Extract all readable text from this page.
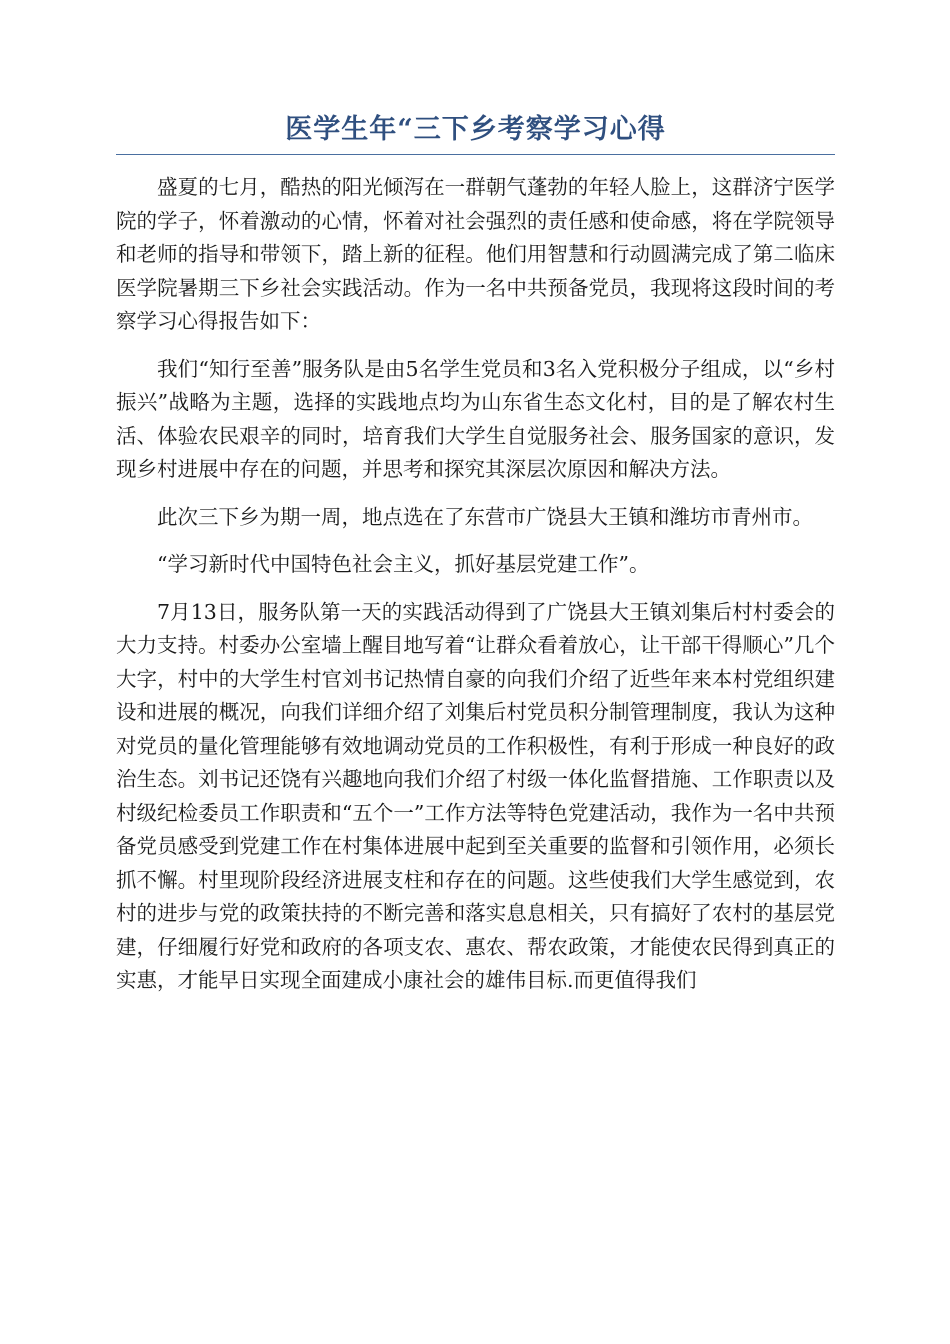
医学生年“三下乡考察学习心得

盛夏的七月，酷热的阳光倾泻在一群朝气蓬勃的年轻人脸上，这群济宁医学院的学子，怀着激动的心情，怀着对社会强烈的责任感和使命感，将在学院领导和老师的指导和带领下，踏上新的征程。他们用智慧和行动圆满完成了第二临床医学院暑期三下乡社会实践活动。作为一名中共预备党员，我现将这段时间的考察学习心得报告如下：

我们“知行至善”服务队是由5名学生党员和3名入党积极分子组成，以“乡村振兴”战略为主题，选择的实践地点均为山东省生态文化村，目的是了解农村生活、体验农民艰辛的同时，培育我们大学生自觉服务社会、服务国家的意识，发现乡村进展中存在的问题，并思考和探究其深层次原因和解决方法。

此次三下乡为期一周，地点选在了东营市广饶县大王镇和潍坊市青州市。

“学习新时代中国特色社会主义，抓好基层党建工作”。

7月13日，服务队第一天的实践活动得到了广饶县大王镇刘集后村村委会的大力支持。村委办公室墙上醒目地写着“让群众看着放心，让干部干得顺心”几个大字，村中的大学生村官刘书记热情自豪的向我们介绍了近些年来本村党组织建设和进展的概况，向我们详细介绍了刘集后村党员积分制管理制度，我认为这种对党员的量化管理能够有效地调动党员的工作积极性，有利于形成一种良好的政治生态。刘书记还饶有兴趣地向我们介绍了村级一体化监督措施、工作职责以及村级纪检委员工作职责和“五个一”工作方法等特色党建活动，我作为一名中共预备党员感受到党建工作在村集体进展中起到至关重要的监督和引领作用，必须长抓不懈。村里现阶段经济进展支柱和存在的问题。这些使我们大学生感觉到，农村的进步与党的政策扶持的不断完善和落实息息相关，只有搞好了农村的基层党建，仔细履行好党和政府的各项支农、惠农、帮农政策，才能使农民得到真正的实惠，才能早日实现全面建成小康社会的雄伟目标.而更值得我们
